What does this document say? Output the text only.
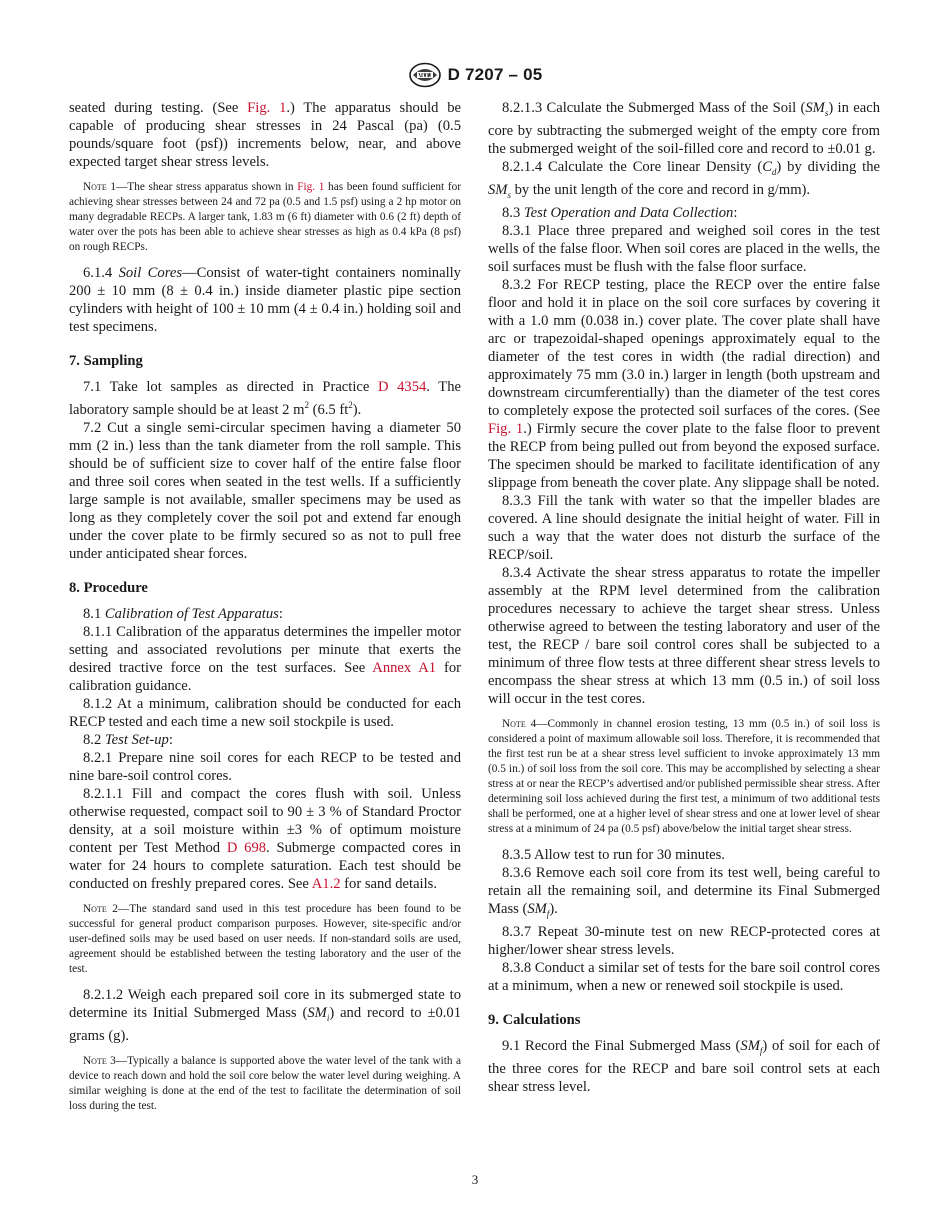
D 7207 – 05

seated during testing. (See Fig. 1.) The apparatus should be capable of producing shear stresses in 24 Pascal (pa) (0.5 pounds/square foot (psf)) increments below, near, and above expected target shear stress levels.

Note 1—The shear stress apparatus shown in Fig. 1 has been found sufficient for achieving shear stresses between 24 and 72 pa (0.5 and 1.5 psf) using a 2 hp motor on many degradable RECPs. A larger tank, 1.83 m (6 ft) diameter with 0.6 (2 ft) depth of water over the pots has been able to achieve shear stresses as high as 0.4 kPa (8 psf) on rough RECPs.

6.1.4 Soil Cores—Consist of water-tight containers nominally 200 ± 10 mm (8 ± 0.4 in.) inside diameter plastic pipe section cylinders with height of 100 ± 10 mm (4 ± 0.4 in.) holding soil and test specimens.

7. Sampling

7.1 Take lot samples as directed in Practice D 4354. The laboratory sample should be at least 2 $m^2$ (6.5 $ft^2$).

7.2 Cut a single semi-circular specimen having a diameter 50 mm (2 in.) less than the tank diameter from the roll sample. This should be of sufficient size to cover half of the entire false floor and three soil cores when seated in the test wells. If a sufficiently large sample is not available, smaller specimens may be used as long as they completely cover the soil pot and extend far enough under the cover plate to be firmly secured so as not to pull free under anticipated shear forces.

8. Procedure

8.1 Calibration of Test Apparatus:

8.1.1 Calibration of the apparatus determines the impeller motor setting and associated revolutions per minute that exerts the desired tractive force on the test surfaces. See Annex A1 for calibration guidance.

8.1.2 At a minimum, calibration should be conducted for each RECP tested and each time a new soil stockpile is used.

8.2 Test Set-up:

8.2.1 Prepare nine soil cores for each RECP to be tested and nine bare-soil control cores.

8.2.1.1 Fill and compact the cores flush with soil. Unless otherwise requested, compact soil to 90 ± 3 % of Standard Proctor density, at a soil moisture within ±3 % of optimum moisture content per Test Method D 698. Submerge compacted cores in water for 24 hours to complete saturation. Each test should be conducted on freshly prepared cores. See A1.2 for sand details.

Note 2—The standard sand used in this test procedure has been found to be successful for general product comparison purposes. However, site-specific and/or user-defined soils may be used based on user needs. If non-standard soils are used, agreement should be established between the testing laboratory and the user of the test.

8.2.1.2 Weigh each prepared soil core in its submerged state to determine its Initial Submerged Mass $(SM_i)$ and record to ±0.01 grams (g).

Note 3—Typically a balance is supported above the water level of the tank with a device to reach down and hold the soil core below the water level during weighing. A similar weighing is done at the end of the test to facilitate the determination of soil loss during the test.

8.2.1.3 Calculate the Submerged Mass of the Soil $(SM_s)$ in each core by subtracting the submerged weight of the empty core from the submerged weight of the soil-filled core and record to ±0.01 g.

8.2.1.4 Calculate the Core linear Density $(C_d)$ by dividing the $SM_s$ by the unit length of the core and record in g/mm).

8.3 Test Operation and Data Collection:

8.3.1 Place three prepared and weighed soil cores in the test wells of the false floor. When soil cores are placed in the wells, the soil surfaces must be flush with the false floor surface.

8.3.2 For RECP testing, place the RECP over the entire false floor and hold it in place on the soil core surfaces by covering it with a 1.0 mm (0.038 in.) cover plate. The cover plate shall have arc or trapezoidal-shaped openings approximately equal to the diameter of the test cores in width (the radial direction) and approximately 75 mm (3.0 in.) larger in length (both upstream and downstream circumferentially) than the diameter of the test cores to completely expose the protected soil surfaces of the cores. (See Fig. 1.) Firmly secure the cover plate to the false floor to prevent the RECP from being pulled out from beyond the exposed surface. The specimen should be marked to facilitate identification of any slippage from beneath the cover plate. Any slippage shall be noted.

8.3.3 Fill the tank with water so that the impeller blades are covered. A line should designate the initial height of water. Fill in such a way that the water does not disturb the surface of the RECP/soil.

8.3.4 Activate the shear stress apparatus to rotate the impeller assembly at the RPM level determined from the calibration procedures necessary to achieve the target shear stress. Unless otherwise agreed to between the testing laboratory and user of the test, the RECP / bare soil control cores shall be subjected to a minimum of three flow tests at three different shear stress levels to encompass the shear stress at which 13 mm (0.5 in.) of soil loss will occur in the test cores.

Note 4—Commonly in channel erosion testing, 13 mm (0.5 in.) of soil loss is considered a point of maximum allowable soil loss. Therefore, it is recommended that the first test run be at a shear stress level sufficient to invoke approximately 13 mm (0.5 in.) of soil loss from the soil core. This may be accomplished by selecting a shear stress at or near the RECP’s advertised and/or published permissible shear stress. After determining soil loss achieved during the first test, a minimum of two additional tests shall be performed, one at a higher level of shear stress and one at lower level of shear stress at a minimum of 24 pa (0.5 psf) above/below the initial target shear stress.

8.3.5 Allow test to run for 30 minutes.

8.3.6 Remove each soil core from its test well, being careful to retain all the remaining soil, and determine its Final Submerged Mass $(SM_f)$.

8.3.7 Repeat 30-minute test on new RECP-protected cores at higher/lower shear stress levels.

8.3.8 Conduct a similar set of tests for the bare soil control cores at a minimum, when a new or renewed soil stockpile is used.

9. Calculations

9.1 Record the Final Submerged Mass $(SM_f)$ of soil for each of the three cores for the RECP and bare soil control sets at each shear stress level.

3
